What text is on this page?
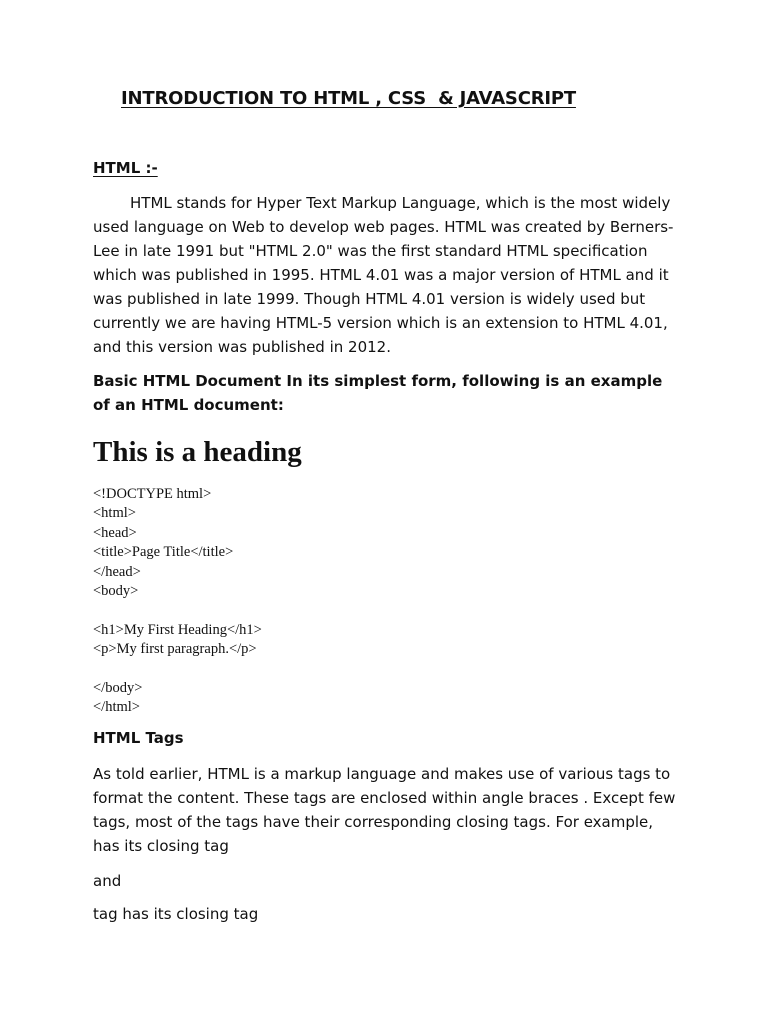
INTRODUCTION TO HTML , CSS  & JAVASCRIPT
HTML :-

HTML stands for Hyper Text Markup Language, which is the most widely used language on Web to develop web pages. HTML was created by Berners-Lee in late 1991 but "HTML 2.0" was the first standard HTML specification which was published in 1995. HTML 4.01 was a major version of HTML and it was published in late 1999. Though HTML 4.01 version is widely used but currently we are having HTML-5 version which is an extension to HTML 4.01, and this version was published in 2012.

Basic HTML Document In its simplest form, following is an example of an HTML document:

This is a heading
<!DOCTYPE html>
<html>
<head>
<title>Page Title</title>
</head>
<body>
<h1>My First Heading</h1>
<p>My first paragraph.</p>
</body>
</html>
HTML Tags

As told earlier, HTML is a markup language and makes use of various tags to format the content. These tags are enclosed within angle braces . Except few tags, most of the tags have their corresponding closing tags. For example, has its closing tag

and

tag has its closing tag
